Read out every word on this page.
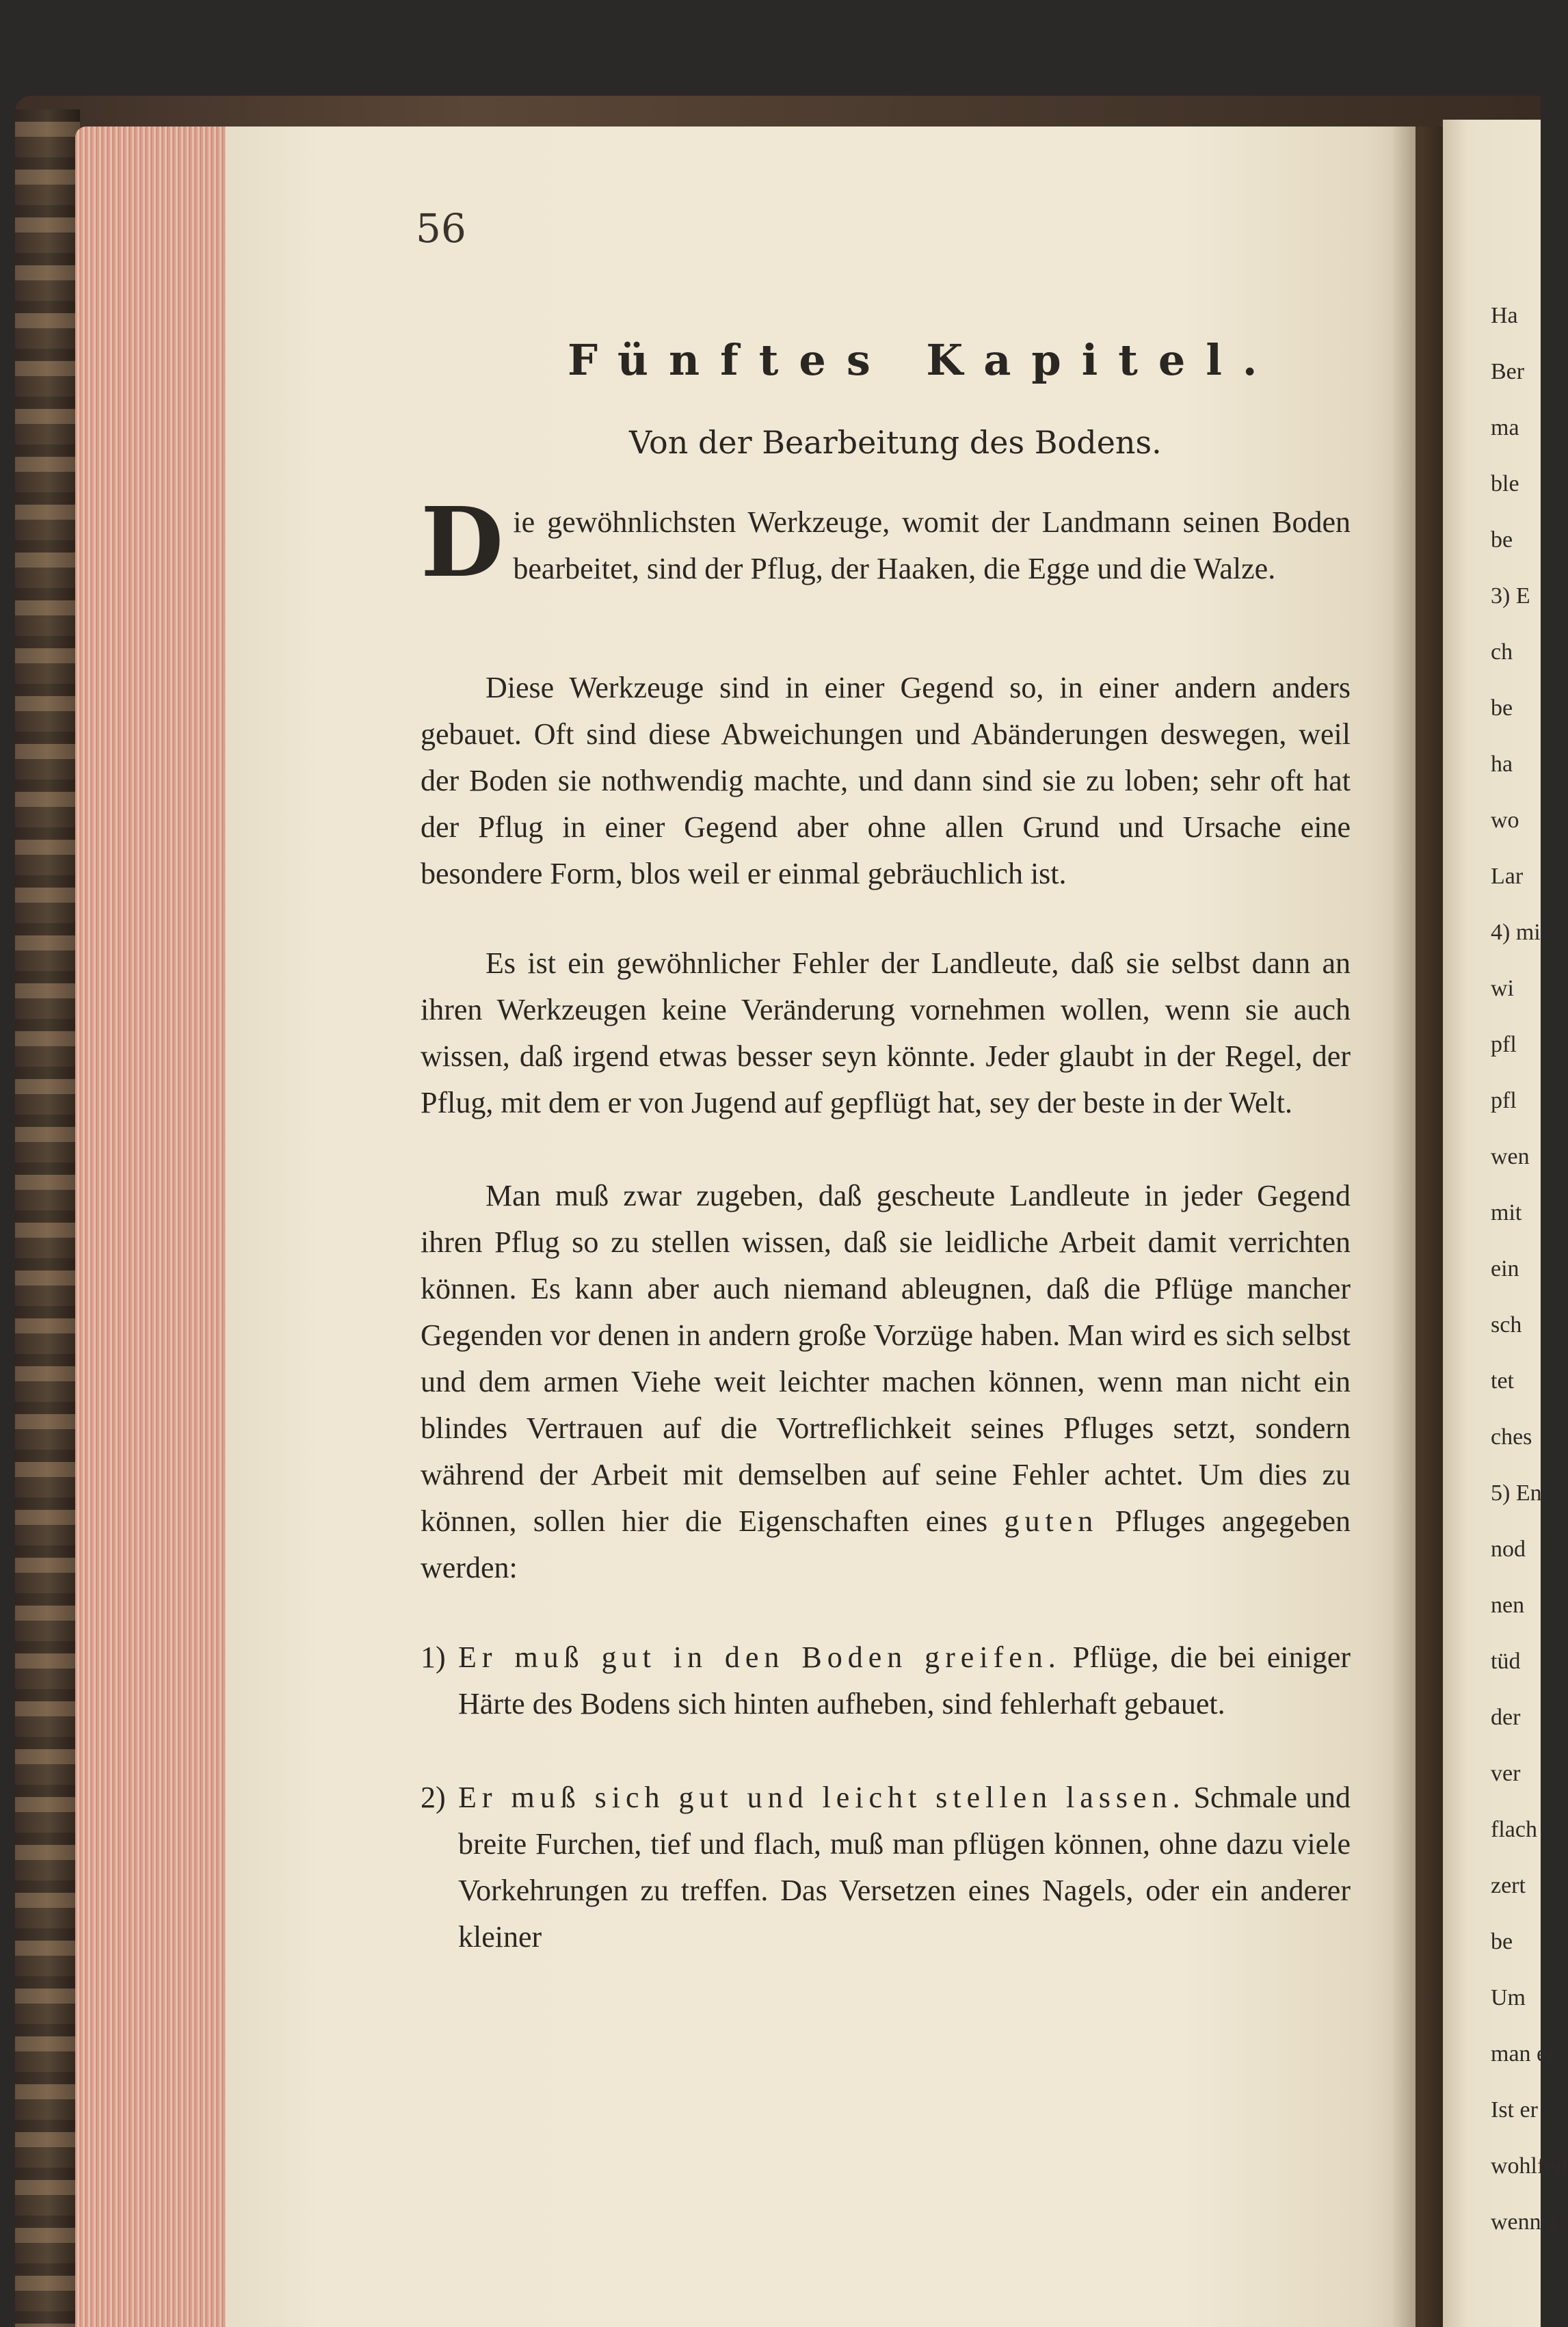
56
Fünftes Kapitel.
Von der Bearbeitung des Bodens.
Die gewöhnlichsten Werkzeuge, womit der Landmann seinen Boden bearbeitet, sind der Pflug, der Haaken, die Egge und die Walze.
Diese Werkzeuge sind in einer Gegend so, in einer andern anders gebauet. Oft sind diese Abweichungen und Abänderungen deswegen, weil der Boden sie nothwendig machte, und dann sind sie zu loben; sehr oft hat der Pflug in einer Gegend aber ohne allen Grund und Ursache eine besondere Form, blos weil er einmal gebräuchlich ist.
Es ist ein gewöhnlicher Fehler der Landleute, daß sie selbst dann an ihren Werkzeugen keine Veränderung vornehmen wollen, wenn sie auch wissen, daß irgend etwas besser seyn könnte. Jeder glaubt in der Regel, der Pflug, mit dem er von Jugend auf gepflügt hat, sey der beste in der Welt.
Man muß zwar zugeben, daß gescheute Landleute in jeder Gegend ihren Pflug so zu stellen wissen, daß sie leidliche Arbeit damit verrichten können. Es kann aber auch niemand ableugnen, daß die Pflüge mancher Gegenden vor denen in andern große Vorzüge haben. Man wird es sich selbst und dem armen Viehe weit leichter machen können, wenn man nicht ein blindes Vertrauen auf die Vortreflichkeit seines Pfluges setzt, sondern während der Arbeit mit demselben auf seine Fehler achtet. Um dies zu können, sollen hier die Eigenschaften eines guten Pfluges angegeben werden:
1) Er muß gut in den Boden greifen. Pflüge, die bei einiger Härte des Bodens sich hinten aufheben, sind fehlerhaft gebauet.
2) Er muß sich gut und leicht stellen lassen. Schmale und breite Furchen, tief und flach, muß man pflügen können, ohne dazu viele Vorkehrungen zu treffen. Das Versetzen eines Nagels, oder ein anderer kleiner
Ha
Ber
ma
ble
be
3) E
ch
be
ha
wo
Lar
4) mi
wi
pfl
pfl
wen
mit
ein
sch
tet
ches
5) En
nod
nen
tüd
der
ver
flach
zert
be
Um
man ei
Ist er
wohlfeil
wenn a
